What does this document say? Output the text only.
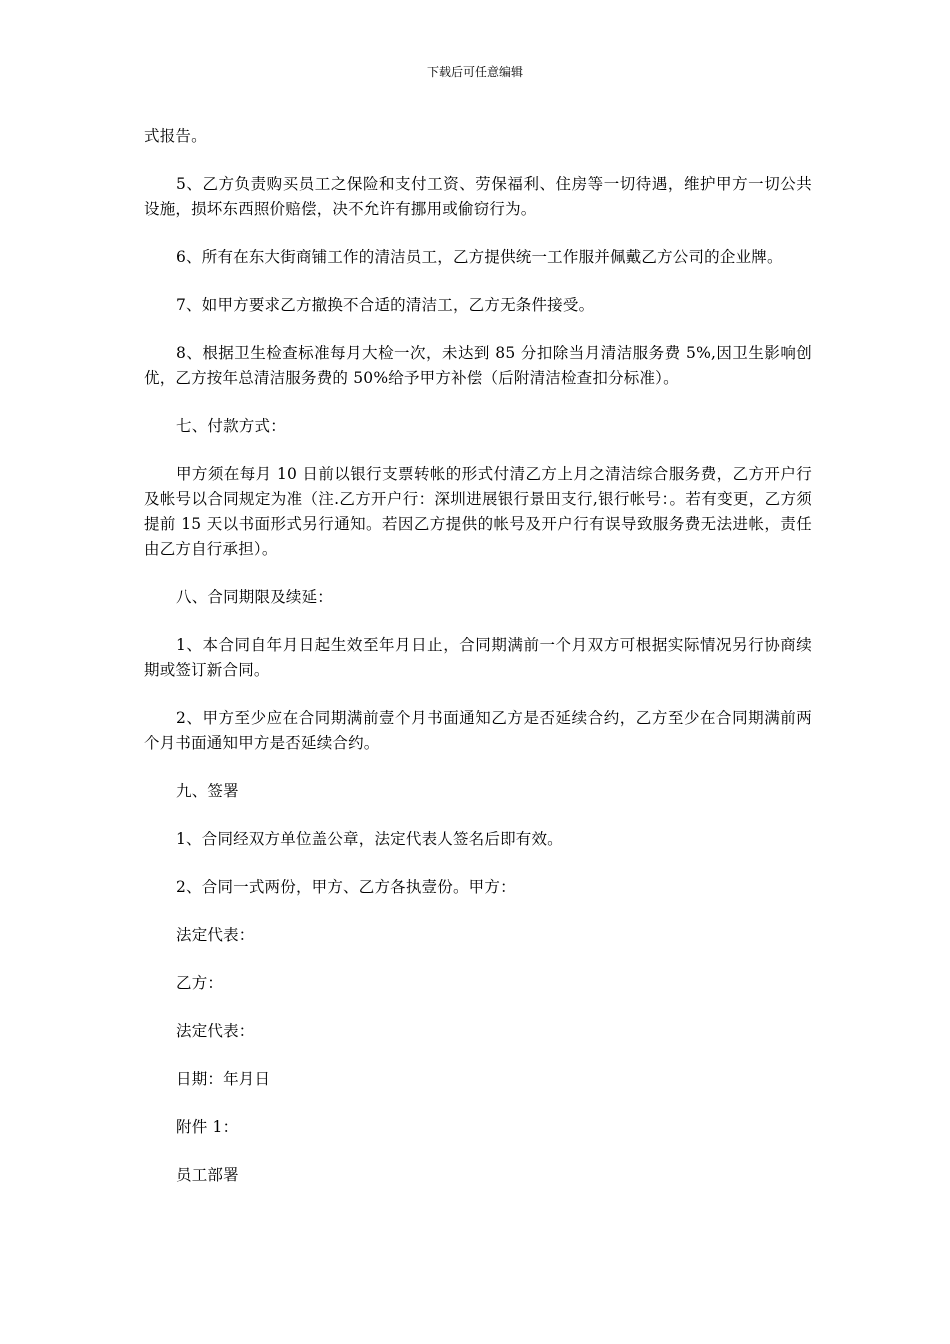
下载后可任意编辑

式报告。

5、乙方负责购买员工之保险和支付工资、劳保福利、住房等一切待遇，维护甲方一切公共设施，损坏东西照价赔偿，决不允许有挪用或偷窃行为。

6、所有在东大街商铺工作的清洁员工，乙方提供统一工作服并佩戴乙方公司的企业牌。

7、如甲方要求乙方撤换不合适的清洁工，乙方无条件接受。

8、根据卫生检查标准每月大检一次，未达到 85 分扣除当月清洁服务费 5%,因卫生影响创优，乙方按年总清洁服务费的 50%给予甲方补偿（后附清洁检查扣分标准）。

七、付款方式：

甲方须在每月 10 日前以银行支票转帐的形式付清乙方上月之清洁综合服务费，乙方开户行及帐号以合同规定为准（注.乙方开户行：深圳进展银行景田支行,银行帐号：。若有变更，乙方须提前 15 天以书面形式另行通知。若因乙方提供的帐号及开户行有误导致服务费无法进帐，责任由乙方自行承担）。

八、合同期限及续延：

1、本合同自年月日起生效至年月日止，合同期满前一个月双方可根据实际情况另行协商续期或签订新合同。

2、甲方至少应在合同期满前壹个月书面通知乙方是否延续合约，乙方至少在合同期满前两个月书面通知甲方是否延续合约。

九、签署

1、合同经双方单位盖公章，法定代表人签名后即有效。

2、合同一式两份，甲方、乙方各执壹份。甲方：

法定代表：

乙方：

法定代表：

日期：年月日

附件 1：

员工部署
